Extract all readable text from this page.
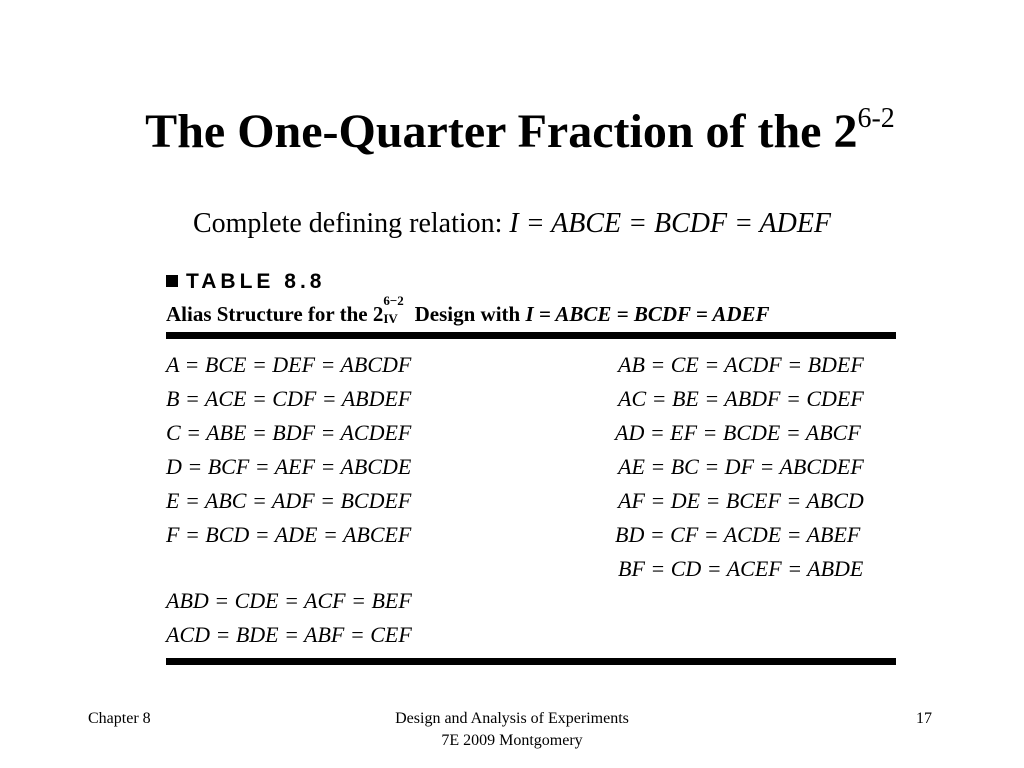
The One-Quarter Fraction of the 2$^{6-2}$
Complete defining relation: I = ABCE = BCDF = ADEF
TABLE 8.8
Alias Structure for the 2
6−2
IV Design with I = ABCE = BCDF = ADEF
A = BCE = DEF = ABCDF
B = ACE = CDF = ABDEF
C = ABE = BDF = ACDEF
D = BCF = AEF = ABCDE
E = ABC = ADF = BCDEF
F = BCD = ADE = ABCEF
ABD = CDE = ACF = BEF
ACD = BDE = ABF = CEF
AB = CE = ACDF = BDEF
AC = BE = ABDF = CDEF
AD = EF = BCDE = ABCF
AE = BC = DF = ABCDEF
AF = DE = BCEF = ABCD
BD = CF = ACDE = ABEF
BF = CD = ACEF = ABDE
Chapter 8	Design and Analysis of Experiments
7E 2009 Montgomery
17
